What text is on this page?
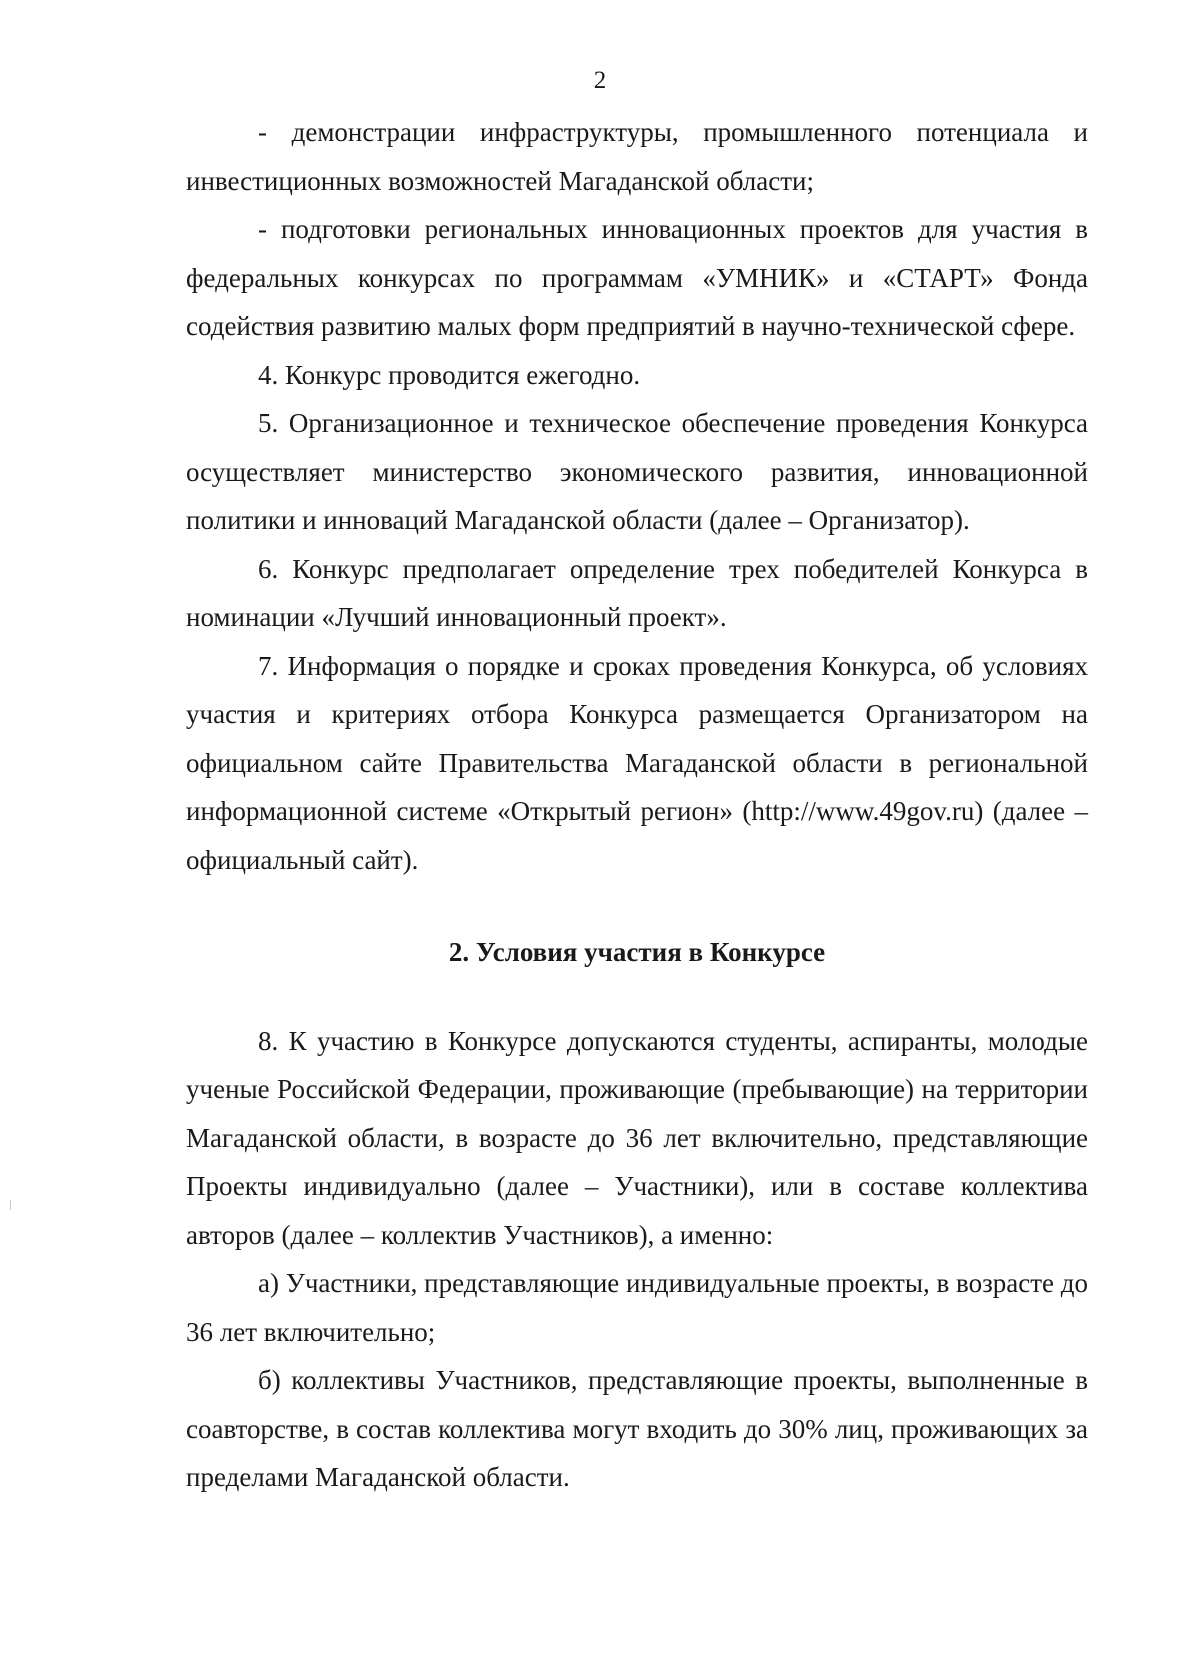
2

- демонстрации инфраструктуры, промышленного потенциала и инвестиционных возможностей Магаданской области;

- подготовки региональных инновационных проектов для участия в федеральных конкурсах по программам «УМНИК» и «СТАРТ» Фонда содействия развитию малых форм предприятий в научно-технической сфере.

4. Конкурс проводится ежегодно.

5. Организационное и техническое обеспечение проведения Конкурса осуществляет министерство экономического развития, инновационной политики и инноваций Магаданской области (далее – Организатор).

6. Конкурс предполагает определение трех победителей Конкурса в номинации «Лучший инновационный проект».

7. Информация о порядке и сроках проведения Конкурса, об условиях участия и критериях отбора Конкурса размещается Организатором на официальном сайте Правительства Магаданской области в региональной информационной системе «Открытый регион» (http://www.49gov.ru) (далее – официальный сайт).

2. Условия участия в Конкурсе

8. К участию в Конкурсе допускаются студенты, аспиранты, молодые ученые Российской Федерации, проживающие (пребывающие) на территории Магаданской области, в возрасте до 36 лет включительно, представляющие Проекты индивидуально (далее – Участники), или в составе коллектива авторов (далее – коллектив Участников), а именно:

а) Участники, представляющие индивидуальные проекты, в возрасте до 36 лет включительно;

б) коллективы Участников, представляющие проекты, выполненные в соавторстве, в состав коллектива могут входить до 30% лиц, проживающих за пределами Магаданской области.
